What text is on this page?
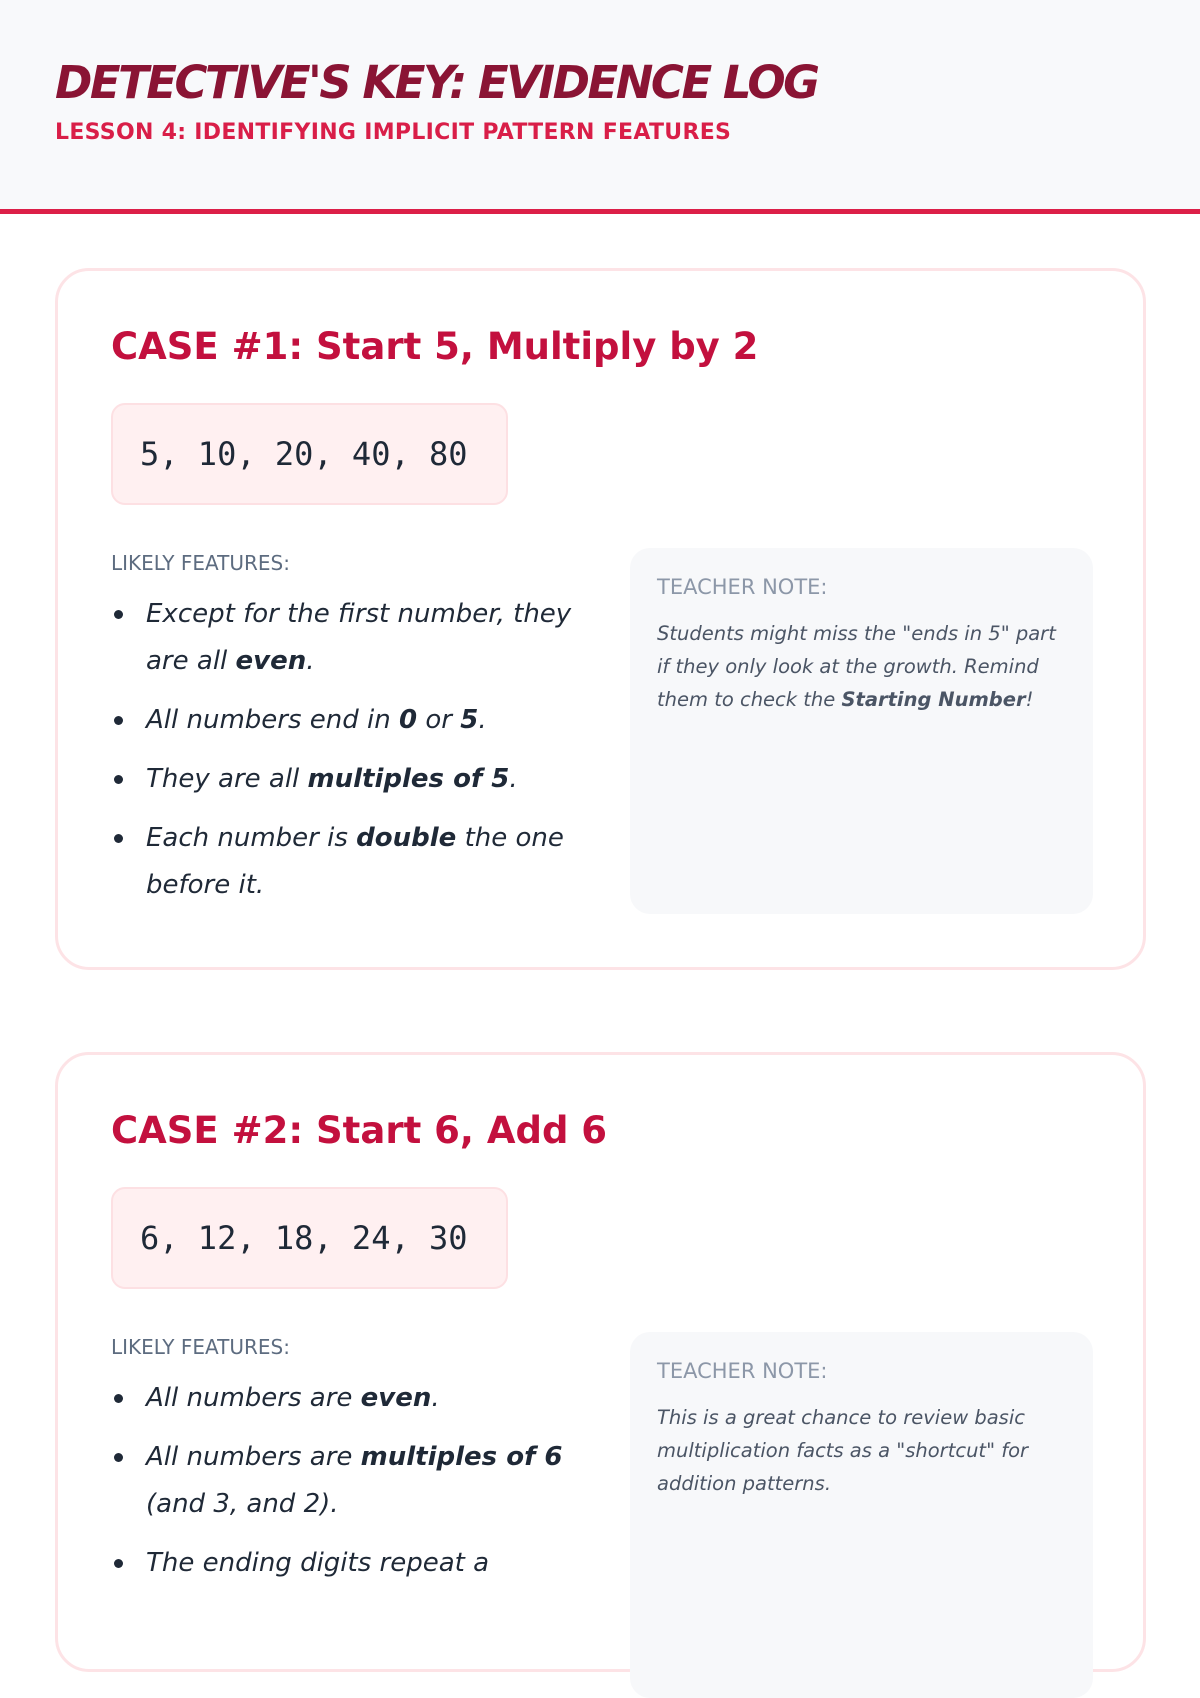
DETECTIVE'S KEY: EVIDENCE LOG
LESSON 4: IDENTIFYING IMPLICIT PATTERN FEATURES
CASE #1: Start 5, Multiply by 2
5, 10, 20, 40, 80

LIKELY FEATURES:

Except for the first number, they are all even.
All numbers end in 0 or 5.
They are all multiples of 5.
Each number is double the one before it.

TEACHER NOTE:

Students might miss the "ends in 5" part if they only look at the growth. Remind them to check the Starting Number!

CASE #2: Start 6, Add 6
6, 12, 18, 24, 30

LIKELY FEATURES:

All numbers are even.
All numbers are multiples of 6 (and 3, and 2).
The ending digits repeat a

TEACHER NOTE:

This is a great chance to review basic multiplication facts as a "shortcut" for addition patterns.
